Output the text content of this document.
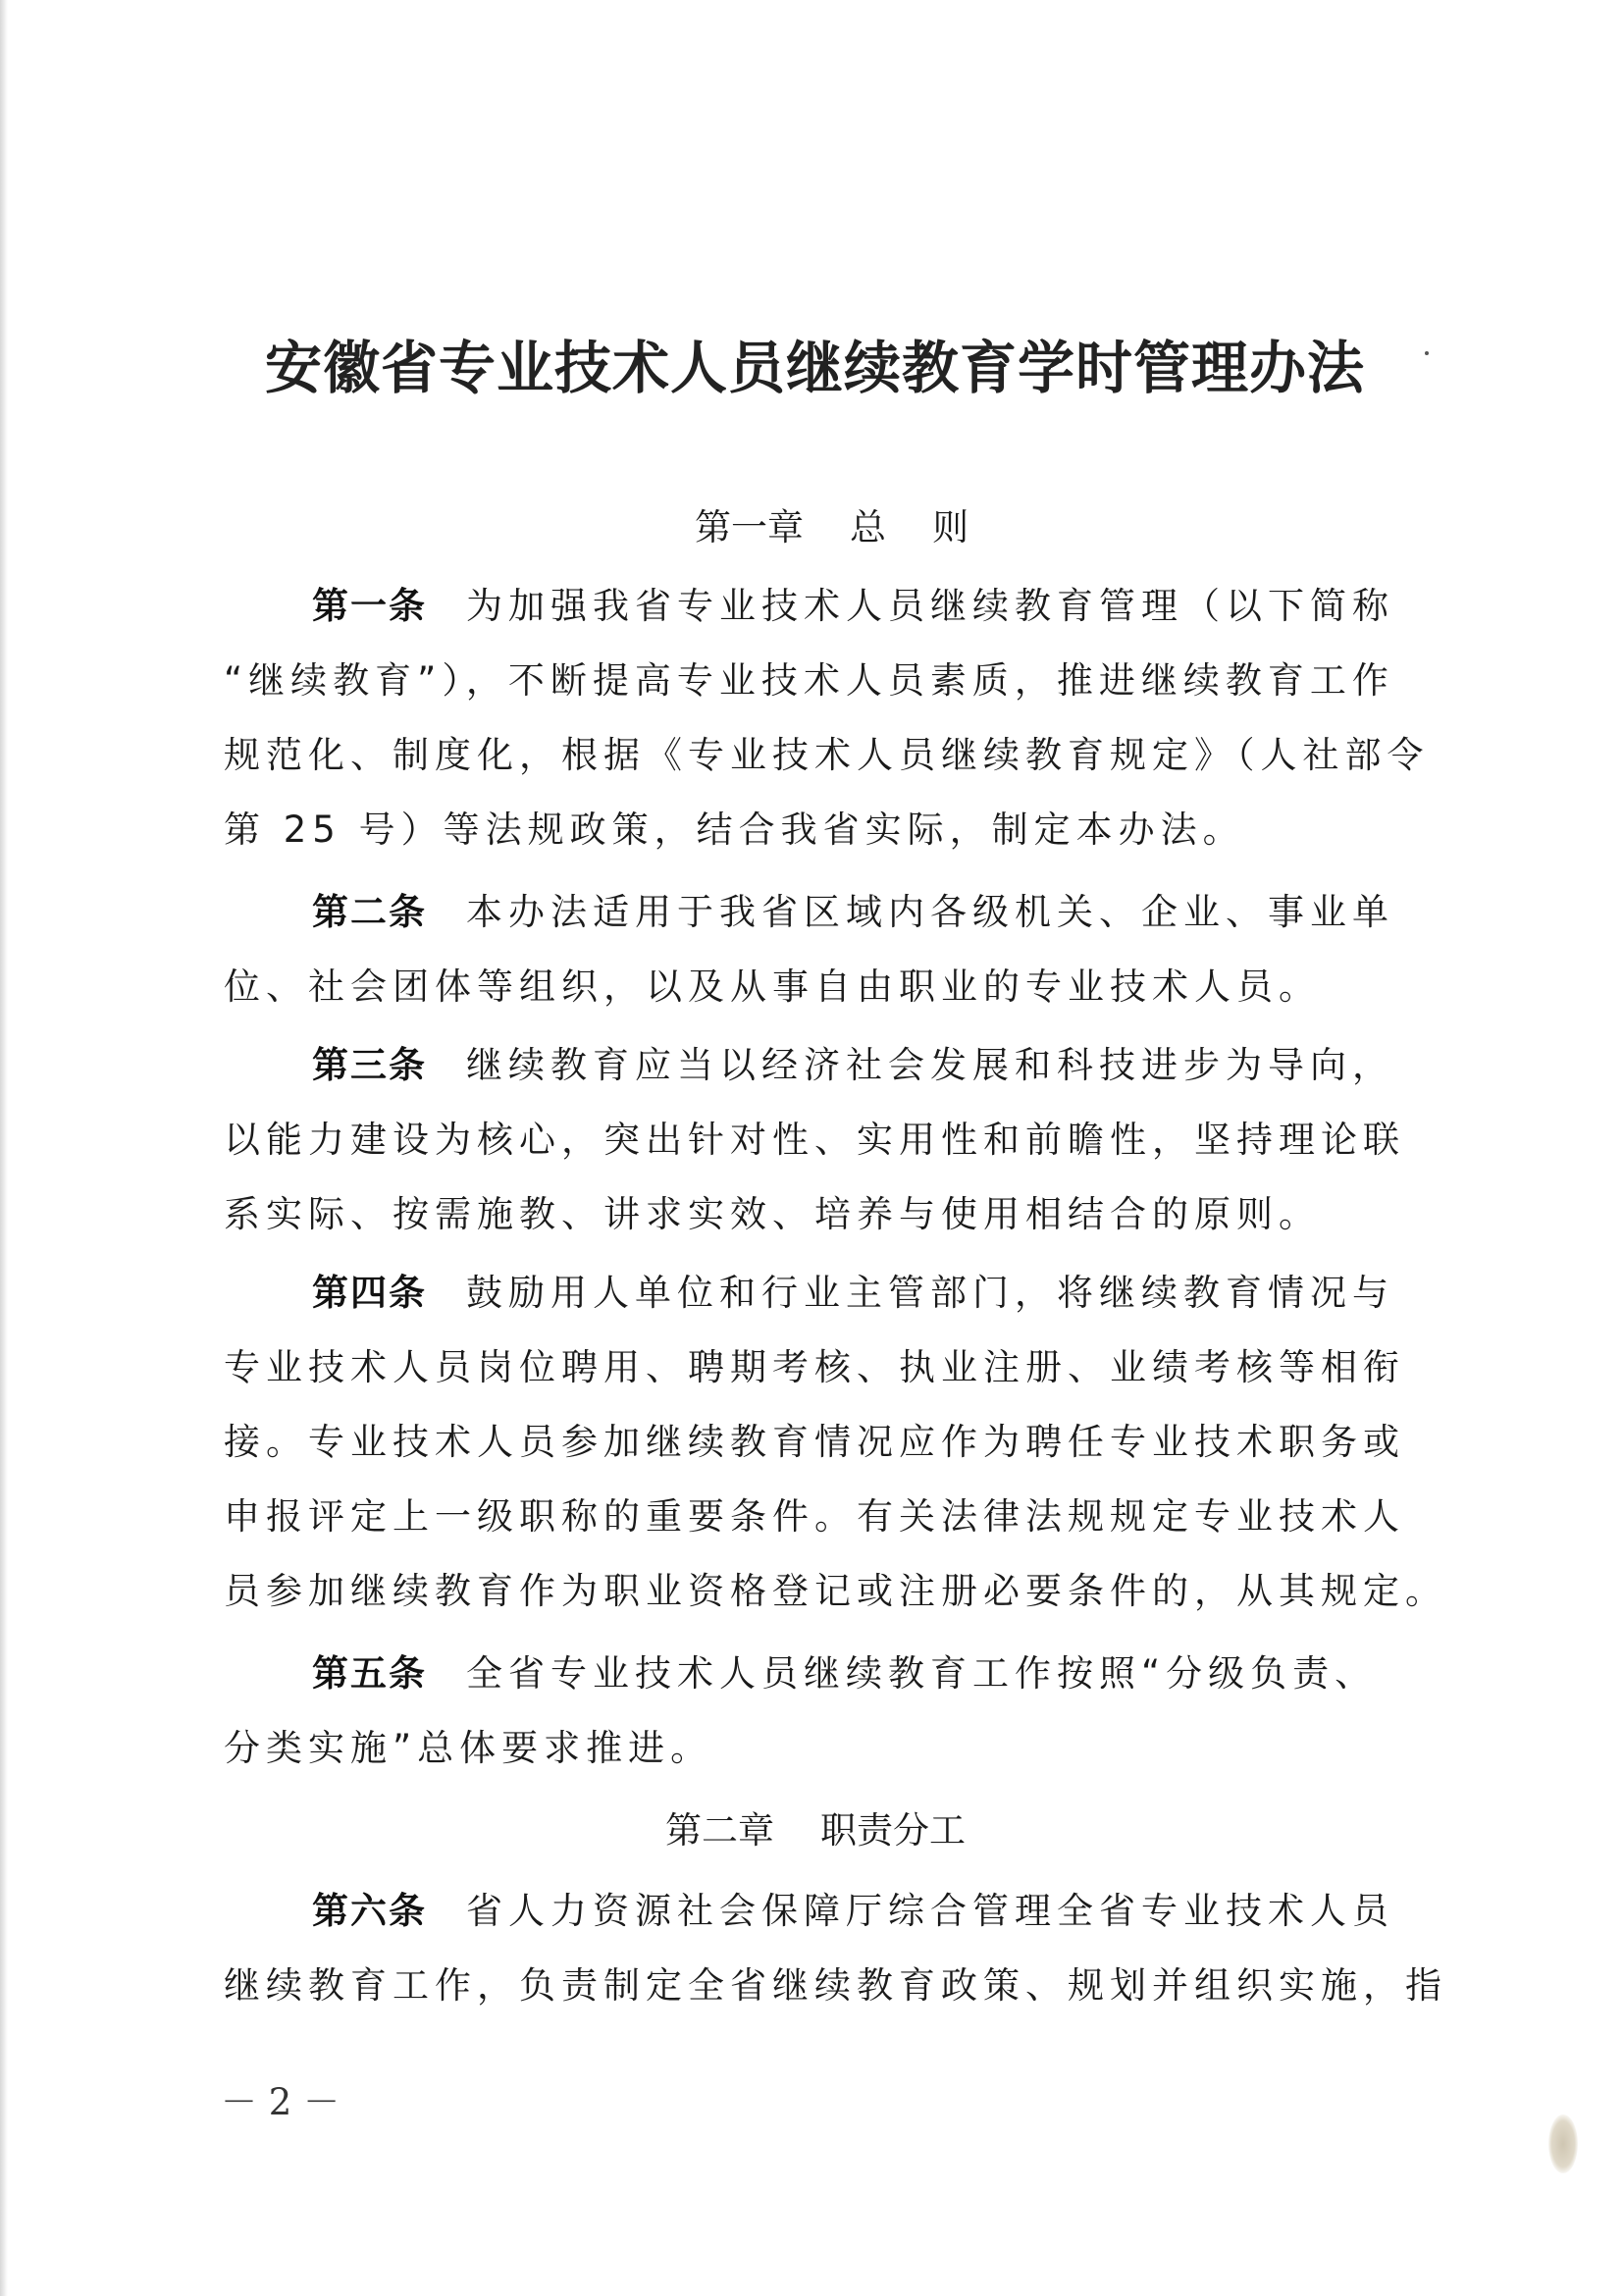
安徽省专业技术人员继续教育学时管理办法
第一章    总    则
第一条 为加强我省专业技术人员继续教育管理（以下简称
“继续教育”），不断提高专业技术人员素质，推进继续教育工作
规范化、制度化，根据《专业技术人员继续教育规定》（人社部令
第 25 号）等法规政策，结合我省实际，制定本办法。
第二条 本办法适用于我省区域内各级机关、企业、事业单
位、社会团体等组织，以及从事自由职业的专业技术人员。
第三条 继续教育应当以经济社会发展和科技进步为导向，
以能力建设为核心，突出针对性、实用性和前瞻性，坚持理论联
系实际、按需施教、讲求实效、培养与使用相结合的原则。
第四条 鼓励用人单位和行业主管部门，将继续教育情况与
专业技术人员岗位聘用、聘期考核、执业注册、业绩考核等相衔
接。专业技术人员参加继续教育情况应作为聘任专业技术职务或
申报评定上一级职称的重要条件。有关法律法规规定专业技术人
员参加继续教育作为职业资格登记或注册必要条件的，从其规定。
第五条 全省专业技术人员继续教育工作按照“分级负责、
分类实施”总体要求推进。
第二章    职责分工
第六条 省人力资源社会保障厅综合管理全省专业技术人员
继续教育工作，负责制定全省继续教育政策、规划并组织实施，指
－ 2 －
